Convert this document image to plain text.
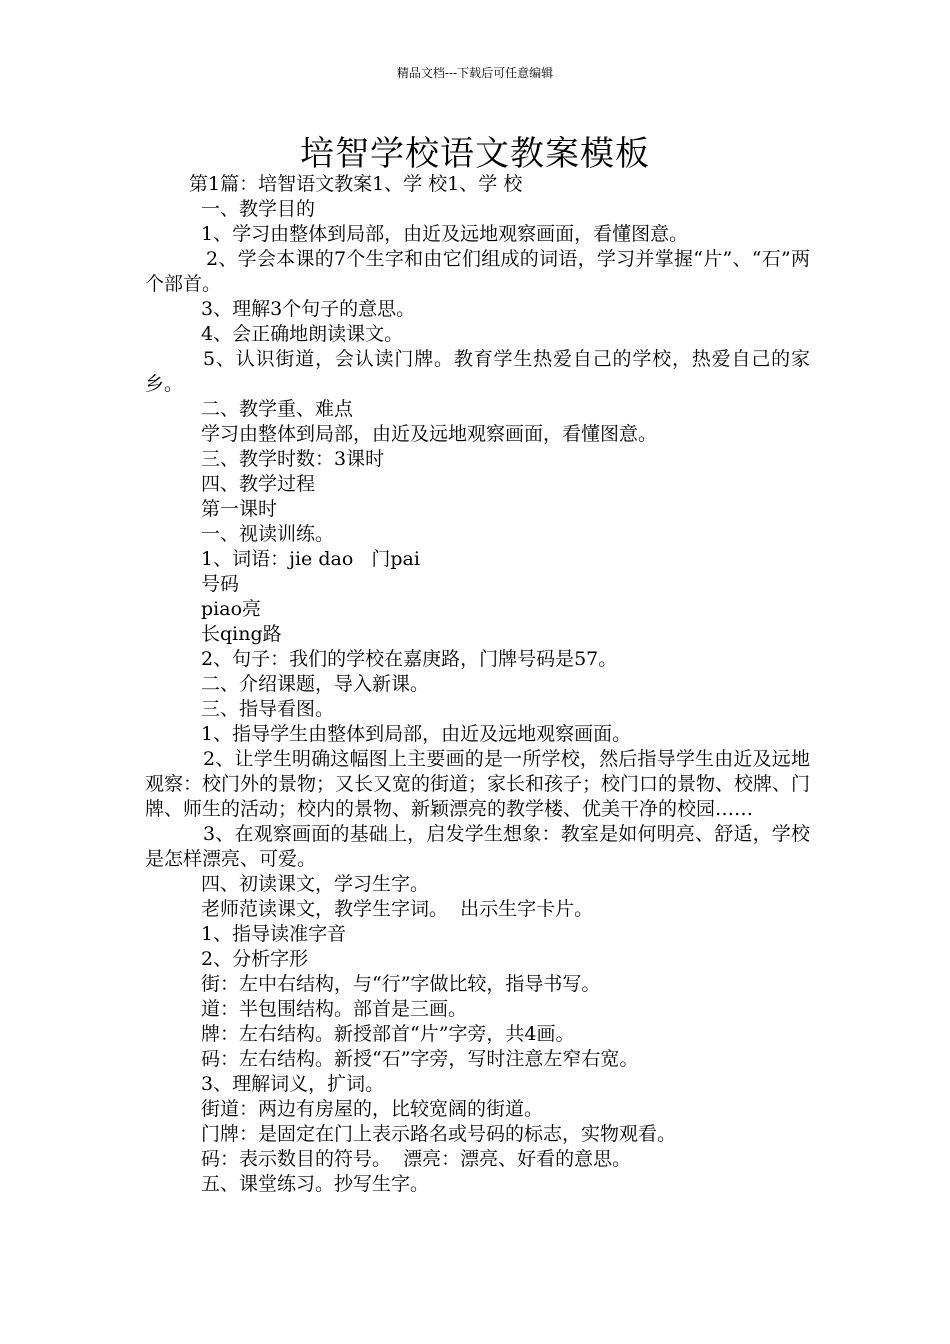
精品文档---下载后可任意编辑
培智学校语文教案模板
第1篇：培智语文教案1、学 校1、学 校
一、教学目的
1、学习由整体到局部，由近及远地观察画面，看懂图意。
2、学会本课的7个生字和由它们组成的词语，学习并掌握“片”、“石”两个部首。
3、理解3个句子的意思。
4、会正确地朗读课文。
5、认识街道，会认读门牌。教育学生热爱自己的学校，热爱自己的家乡。
二、教学重、难点
学习由整体到局部，由近及远地观察画面，看懂图意。
三、教学时数：3课时
四、教学过程
第一课时
一、视读训练。
1、词语：jie dao   门pai
号码
piao亮
长qing路
2、句子：我们的学校在嘉庚路，门牌号码是57。
二、介绍课题，导入新课。
三、指导看图。
1、指导学生由整体到局部，由近及远地观察画面。
2、让学生明确这幅图上主要画的是一所学校，然后指导学生由近及远地观察：校门外的景物；又长又宽的街道；家长和孩子；校门口的景物、校牌、门牌、师生的活动；校内的景物、新颖漂亮的教学楼、优美干净的校园……
3、在观察画面的基础上，启发学生想象：教室是如何明亮、舒适，学校是怎样漂亮、可爱。
四、初读课文，学习生字。
老师范读课文，教学生字词。  出示生字卡片。
1、指导读准字音
2、分析字形
街：左中右结构，与“行”字做比较，指导书写。
道：半包围结构。部首是三画。
牌：左右结构。新授部首“片”字旁，共4画。
码：左右结构。新授“石”字旁，写时注意左窄右宽。
3、理解词义，扩词。
街道：两边有房屋的，比较宽阔的街道。
门牌：是固定在门上表示路名或号码的标志，实物观看。
码：表示数目的符号。  漂亮：漂亮、好看的意思。
五、课堂练习。抄写生字。
